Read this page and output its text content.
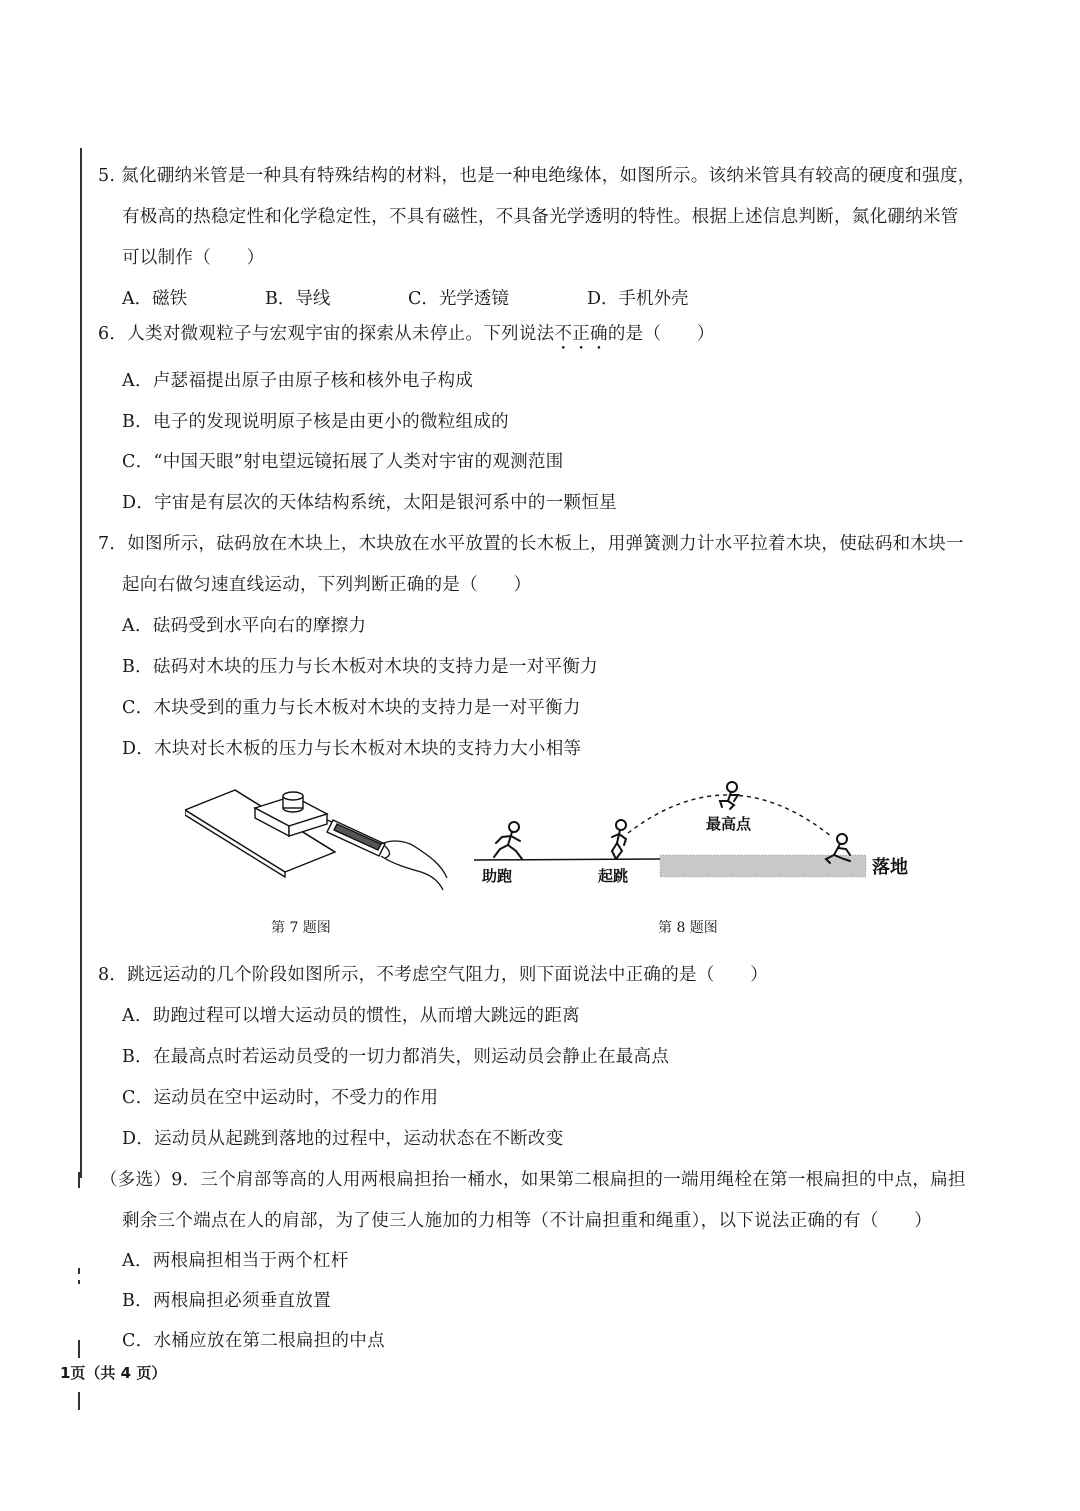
5. 氮化硼纳米管是一种具有特殊结构的材料，也是一种电绝缘体，如图所示。该纳米管具有较高的硬度和强度，
有极高的热稳定性和化学稳定性，不具有磁性，不具备光学透明的特性。根据上述信息判断，氮化硼纳米管
可以制作（　　）
A．磁铁	B．导线	C．光学透镜	D．手机外壳
6．人类对微观粒子与宏观宇宙的探索从未停止。下列说法不正确的是（　　）
A．卢瑟福提出原子由原子核和核外电子构成
B．电子的发现说明原子核是由更小的微粒组成的
C．“中国天眼”射电望远镜拓展了人类对宇宙的观测范围
D．宇宙是有层次的天体结构系统，太阳是银河系中的一颗恒星
7．如图所示，砝码放在木块上，木块放在水平放置的长木板上，用弹簧测力计水平拉着木块，使砝码和木块一
起向右做匀速直线运动，下列判断正确的是（　　）
A．砝码受到水平向右的摩擦力
B．砝码对木块的压力与长木板对木块的支持力是一对平衡力
C．木块受到的重力与长木板对木块的支持力是一对平衡力
D．木块对长木板的压力与长木板对木块的支持力大小相等
第 7 题图
助跑	起跳
最高点
落地
第 8 题图
8．跳远运动的几个阶段如图所示，不考虑空气阻力，则下面说法中正确的是（　　）
A．助跑过程可以增大运动员的惯性，从而增大跳远的距离
B．在最高点时若运动员受的一切力都消失，则运动员会静止在最高点
C．运动员在空中运动时，不受力的作用
D．运动员从起跳到落地的过程中，运动状态在不断改变
（多选）9．三个肩部等高的人用两根扁担抬一桶水，如果第二根扁担的一端用绳栓在第一根扁担的中点，扁担
剩余三个端点在人的肩部，为了使三人施加的力相等（不计扁担重和绳重），以下说法正确的有（　　）
A．两根扁担相当于两个杠杆
B．两根扁担必须垂直放置
C．水桶应放在第二根扁担的中点
1页（共 4 页）
